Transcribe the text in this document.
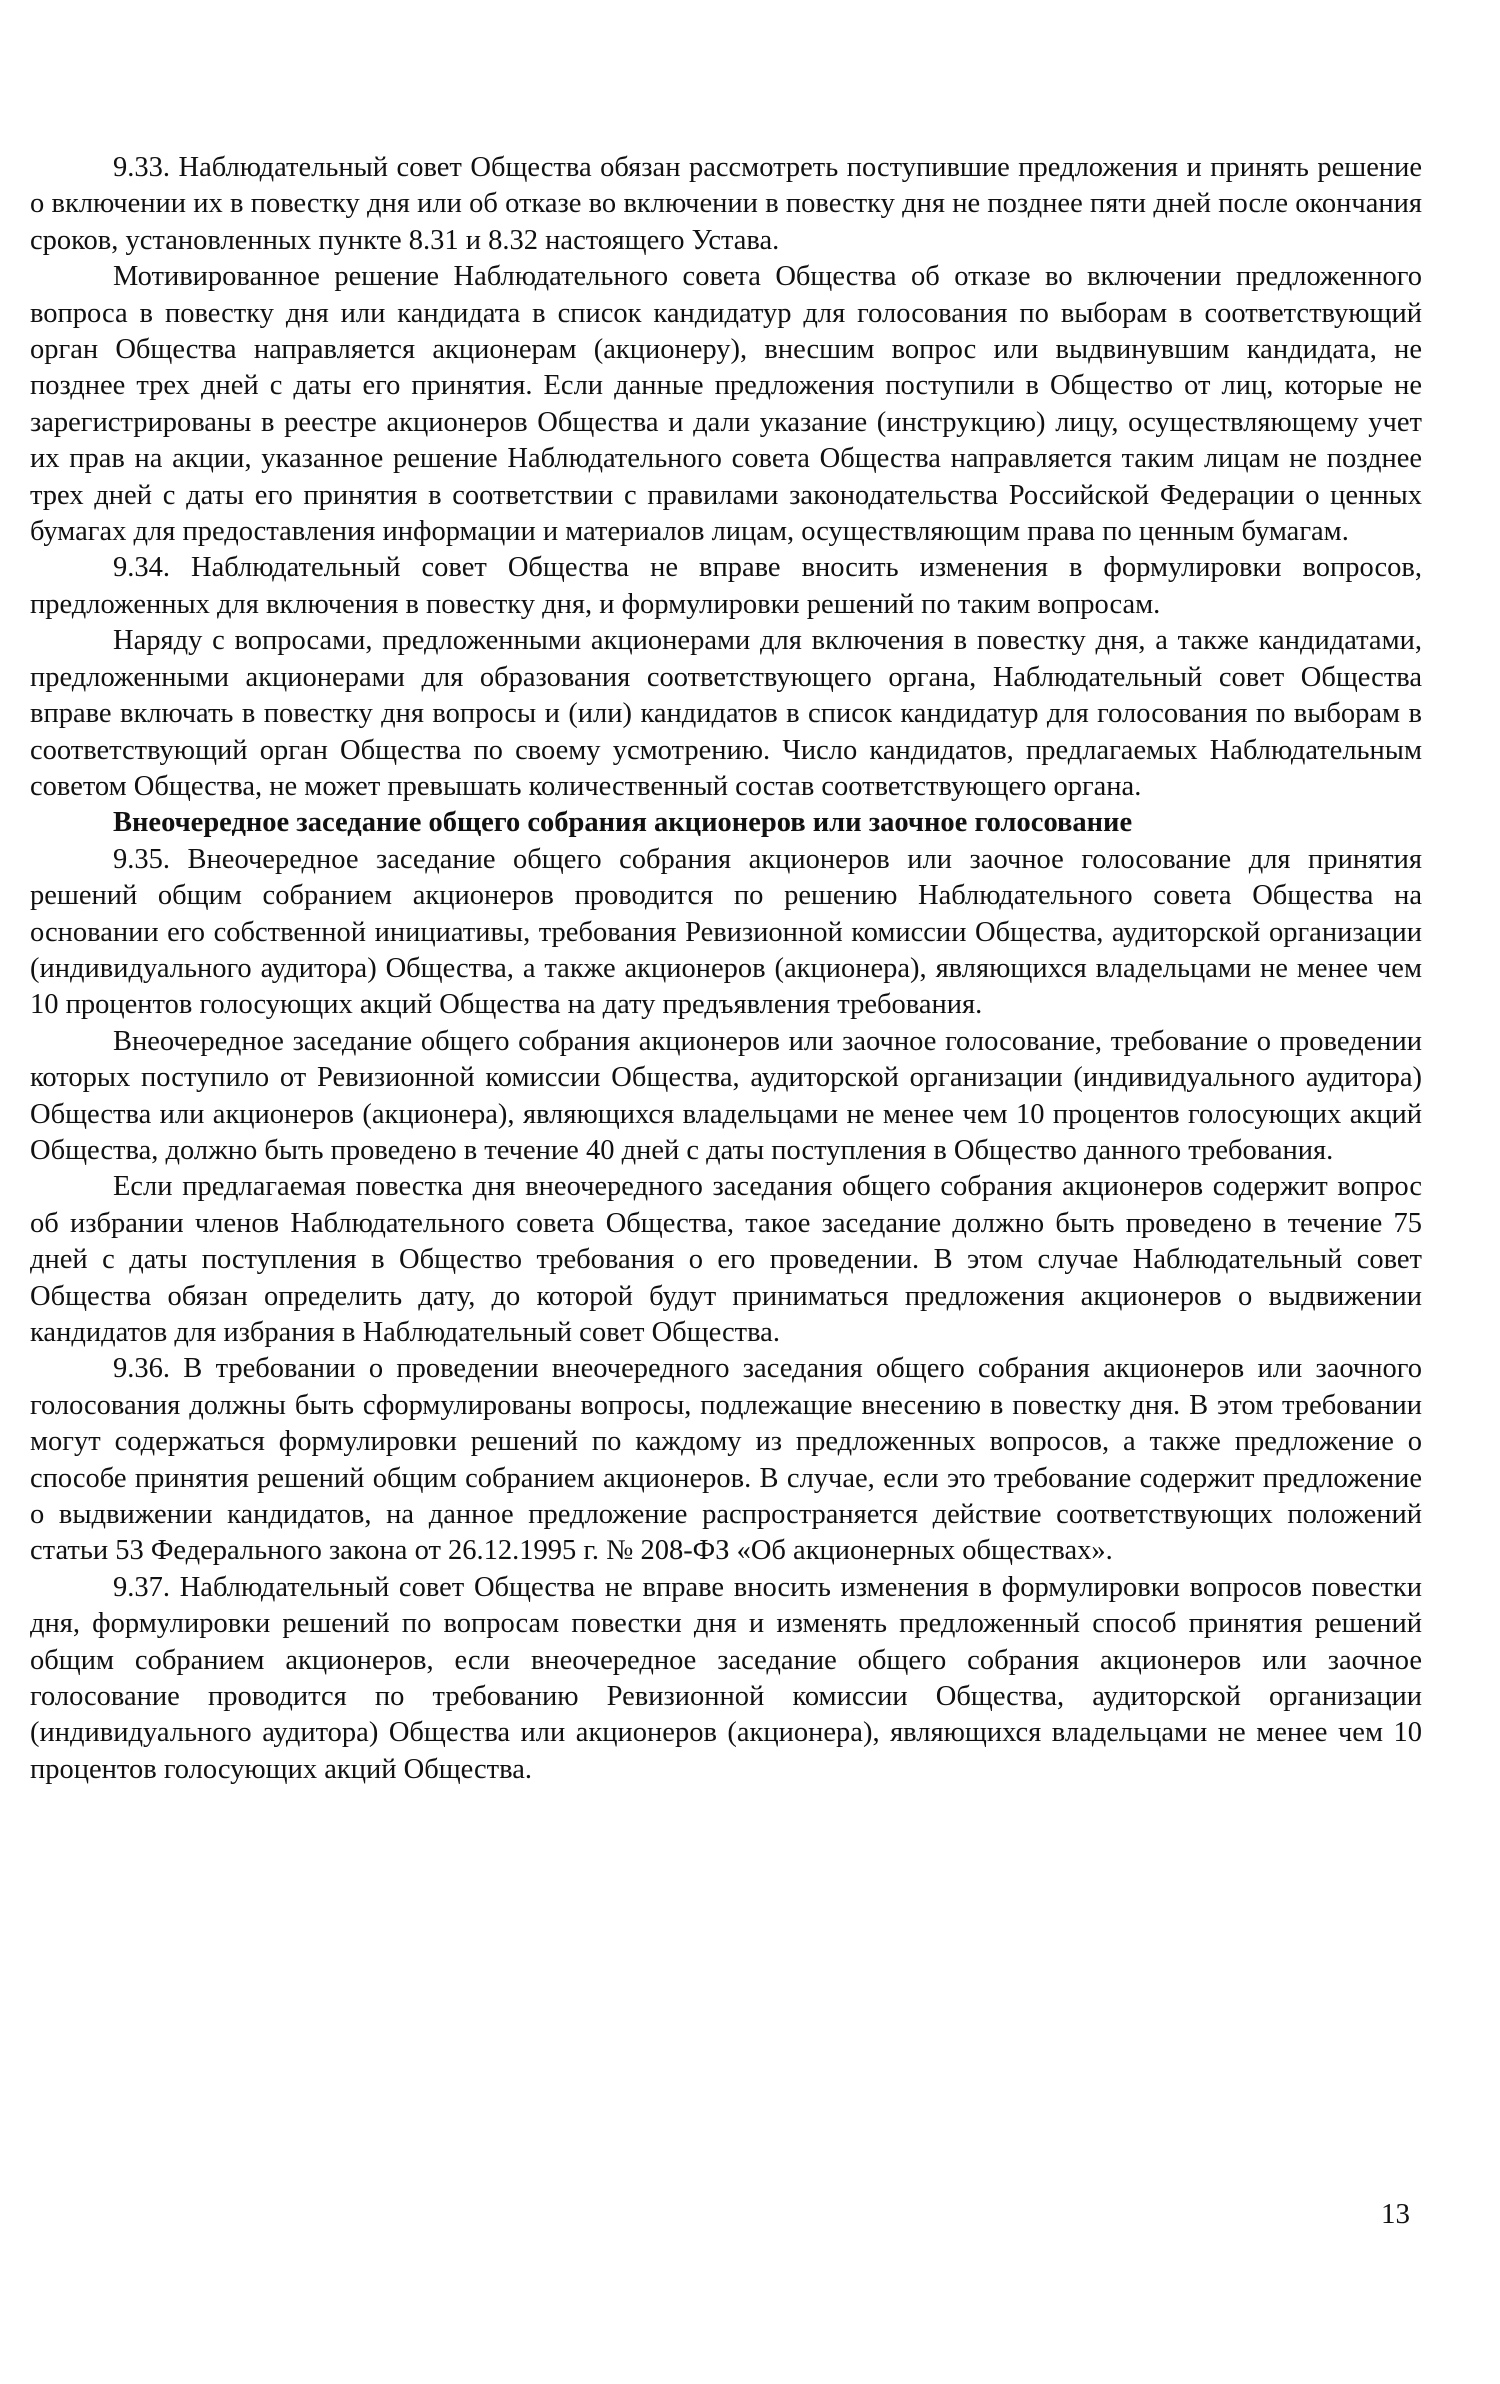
9.33. Наблюдательный совет Общества обязан рассмотреть поступившие предложения и принять решение о включении их в повестку дня или об отказе во включении в повестку дня не позднее пяти дней после окончания сроков, установленных пункте 8.31 и 8.32 настоящего Устава.

Мотивированное решение Наблюдательного совета Общества об отказе во включении предложенного вопроса в повестку дня или кандидата в список кандидатур для голосования по выборам в соответствующий орган Общества направляется акционерам (акционеру), внесшим вопрос или выдвинувшим кандидата, не позднее трех дней с даты его принятия. Если данные предложения поступили в Общество от лиц, которые не зарегистрированы в реестре акционеров Общества и дали указание (инструкцию) лицу, осуществляющему учет их прав на акции, указанное решение Наблюдательного совета Общества направляется таким лицам не позднее трех дней с даты его принятия в соответствии с правилами законодательства Российской Федерации о ценных бумагах для предоставления информации и материалов лицам, осуществляющим права по ценным бумагам.

9.34. Наблюдательный совет Общества не вправе вносить изменения в формулировки вопросов, предложенных для включения в повестку дня, и формулировки решений по таким вопросам.

Наряду с вопросами, предложенными акционерами для включения в повестку дня, а также кандидатами, предложенными акционерами для образования соответствующего органа, Наблюдательный совет Общества вправе включать в повестку дня вопросы и (или) кандидатов в список кандидатур для голосования по выборам в соответствующий орган Общества по своему усмотрению. Число кандидатов, предлагаемых Наблюдательным советом Общества, не может превышать количественный состав соответствующего органа.

Внеочередное заседание общего собрания акционеров или заочное голосование

9.35. Внеочередное заседание общего собрания акционеров или заочное голосование для принятия решений общим собранием акционеров проводится по решению Наблюдательного совета Общества на основании его собственной инициативы, требования Ревизионной комиссии Общества, аудиторской организации (индивидуального аудитора) Общества, а также акционеров (акционера), являющихся владельцами не менее чем 10 процентов голосующих акций Общества на дату предъявления требования.

Внеочередное заседание общего собрания акционеров или заочное голосование, требование о проведении которых поступило от Ревизионной комиссии Общества, аудиторской организации (индивидуального аудитора) Общества или акционеров (акционера), являющихся владельцами не менее чем 10 процентов голосующих акций Общества, должно быть проведено в течение 40 дней с даты поступления в Общество данного требования.

Если предлагаемая повестка дня внеочередного заседания общего собрания акционеров содержит вопрос об избрании членов Наблюдательного совета Общества, такое заседание должно быть проведено в течение 75 дней с даты поступления в Общество требования о его проведении. В этом случае Наблюдательный совет Общества обязан определить дату, до которой будут приниматься предложения акционеров о выдвижении кандидатов для избрания в Наблюдательный совет Общества.

9.36. В требовании о проведении внеочередного заседания общего собрания акционеров или заочного голосования должны быть сформулированы вопросы, подлежащие внесению в повестку дня. В этом требовании могут содержаться формулировки решений по каждому из предложенных вопросов, а также предложение о способе принятия решений общим собранием акционеров. В случае, если это требование содержит предложение о выдвижении кандидатов, на данное предложение распространяется действие соответствующих положений статьи 53 Федерального закона от 26.12.1995 г. № 208-ФЗ «Об акционерных обществах».

9.37. Наблюдательный совет Общества не вправе вносить изменения в формулировки вопросов повестки дня, формулировки решений по вопросам повестки дня и изменять предложенный способ принятия решений общим собранием акционеров, если внеочередное заседание общего собрания акционеров или заочное голосование проводится по требованию Ревизионной комиссии Общества, аудиторской организации (индивидуального аудитора) Общества или акционеров (акционера), являющихся владельцами не менее чем 10 процентов голосующих акций Общества.

13
